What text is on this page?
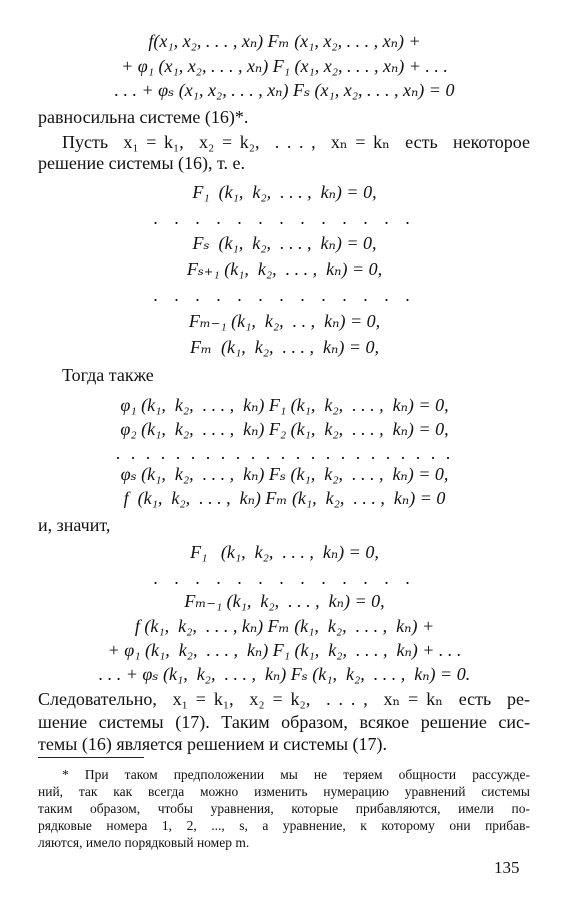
f(x₁, x₂, . . . , xₙ) Fₘ (x₁, x₂, . . . , xₙ) +
+ φ₁ (x₁, x₂, . . . , xₙ) F₁ (x₁, x₂, . . . , xₙ) + . . .
. . . + φₛ (x₁, x₂, . . . , xₙ) Fₛ (x₁, x₂, . . . , xₙ) = 0
равносильна системе (16)*.
Пусть  x₁ = k₁,  x₂ = k₂,  . . . ,  xₙ = kₙ  есть  некоторое
решение системы (16), т. е.
F₁  (k₁,  k₂,  . . . ,  kₙ) = 0,
. . . . . . . . . . . . .
Fₛ  (k₁,  k₂,  . . . ,  kₙ) = 0,
Fₛ₊₁ (k₁,  k₂,  . . . ,  kₙ) = 0,
. . . . . . . . . . . . .
Fₘ₋₁ (k₁,  k₂,  . . ,  kₙ) = 0,
Fₘ  (k₁,  k₂,  . . . ,  kₙ) = 0,
Тогда также
φ₁ (k₁,  k₂,  . . . ,  kₙ) F₁ (k₁,  k₂,  . . . ,  kₙ) = 0,
φ₂ (k₁,  k₂,  . . . ,  kₙ) F₂ (k₁,  k₂,  . . . ,  kₙ) = 0,
. . . . . . . . . . . . . . . . . . . . . . .
φₛ (k₁,  k₂,  . . . ,  kₙ) Fₛ (k₁,  k₂,  . . . ,  kₙ) = 0,
f  (k₁,  k₂,  . . . ,  kₙ) Fₘ (k₁,  k₂,  . . . ,  kₙ) = 0
и, значит,
F₁   (k₁,  k₂,  . . . ,  kₙ) = 0,
. . . . . . . . . . . . .
Fₘ₋₁ (k₁,  k₂,  . . . ,  kₙ) = 0,
f (k₁,  k₂,  . . . , kₙ) Fₘ (k₁,  k₂,  . . . ,  kₙ) +
+ φ₁ (k₁,  k₂,  . . . ,  kₙ) F₁ (k₁,  k₂,  . . . ,  kₙ) + . . .
. . . + φₛ (k₁,  k₂,  . . . ,  kₙ) Fₛ (k₁,  k₂,  . . . ,  kₙ) = 0.
Следовательно,  x₁ = k₁,  x₂ = k₂,  . . . ,  xₙ = kₙ  есть  ре-
шение системы (17). Таким образом, всякое решение сис-
темы (16) является решением и системы (17).
* При таком предположении мы не теряем общности рассужде-
ний, так как всегда можно изменить нумерацию уравнений системы
таким образом, чтобы уравнения, которые прибавляются, имели по-
рядковые номера 1, 2, ..., s, а уравнение, к которому они прибав-
ляются, имело порядковый номер m.
135
